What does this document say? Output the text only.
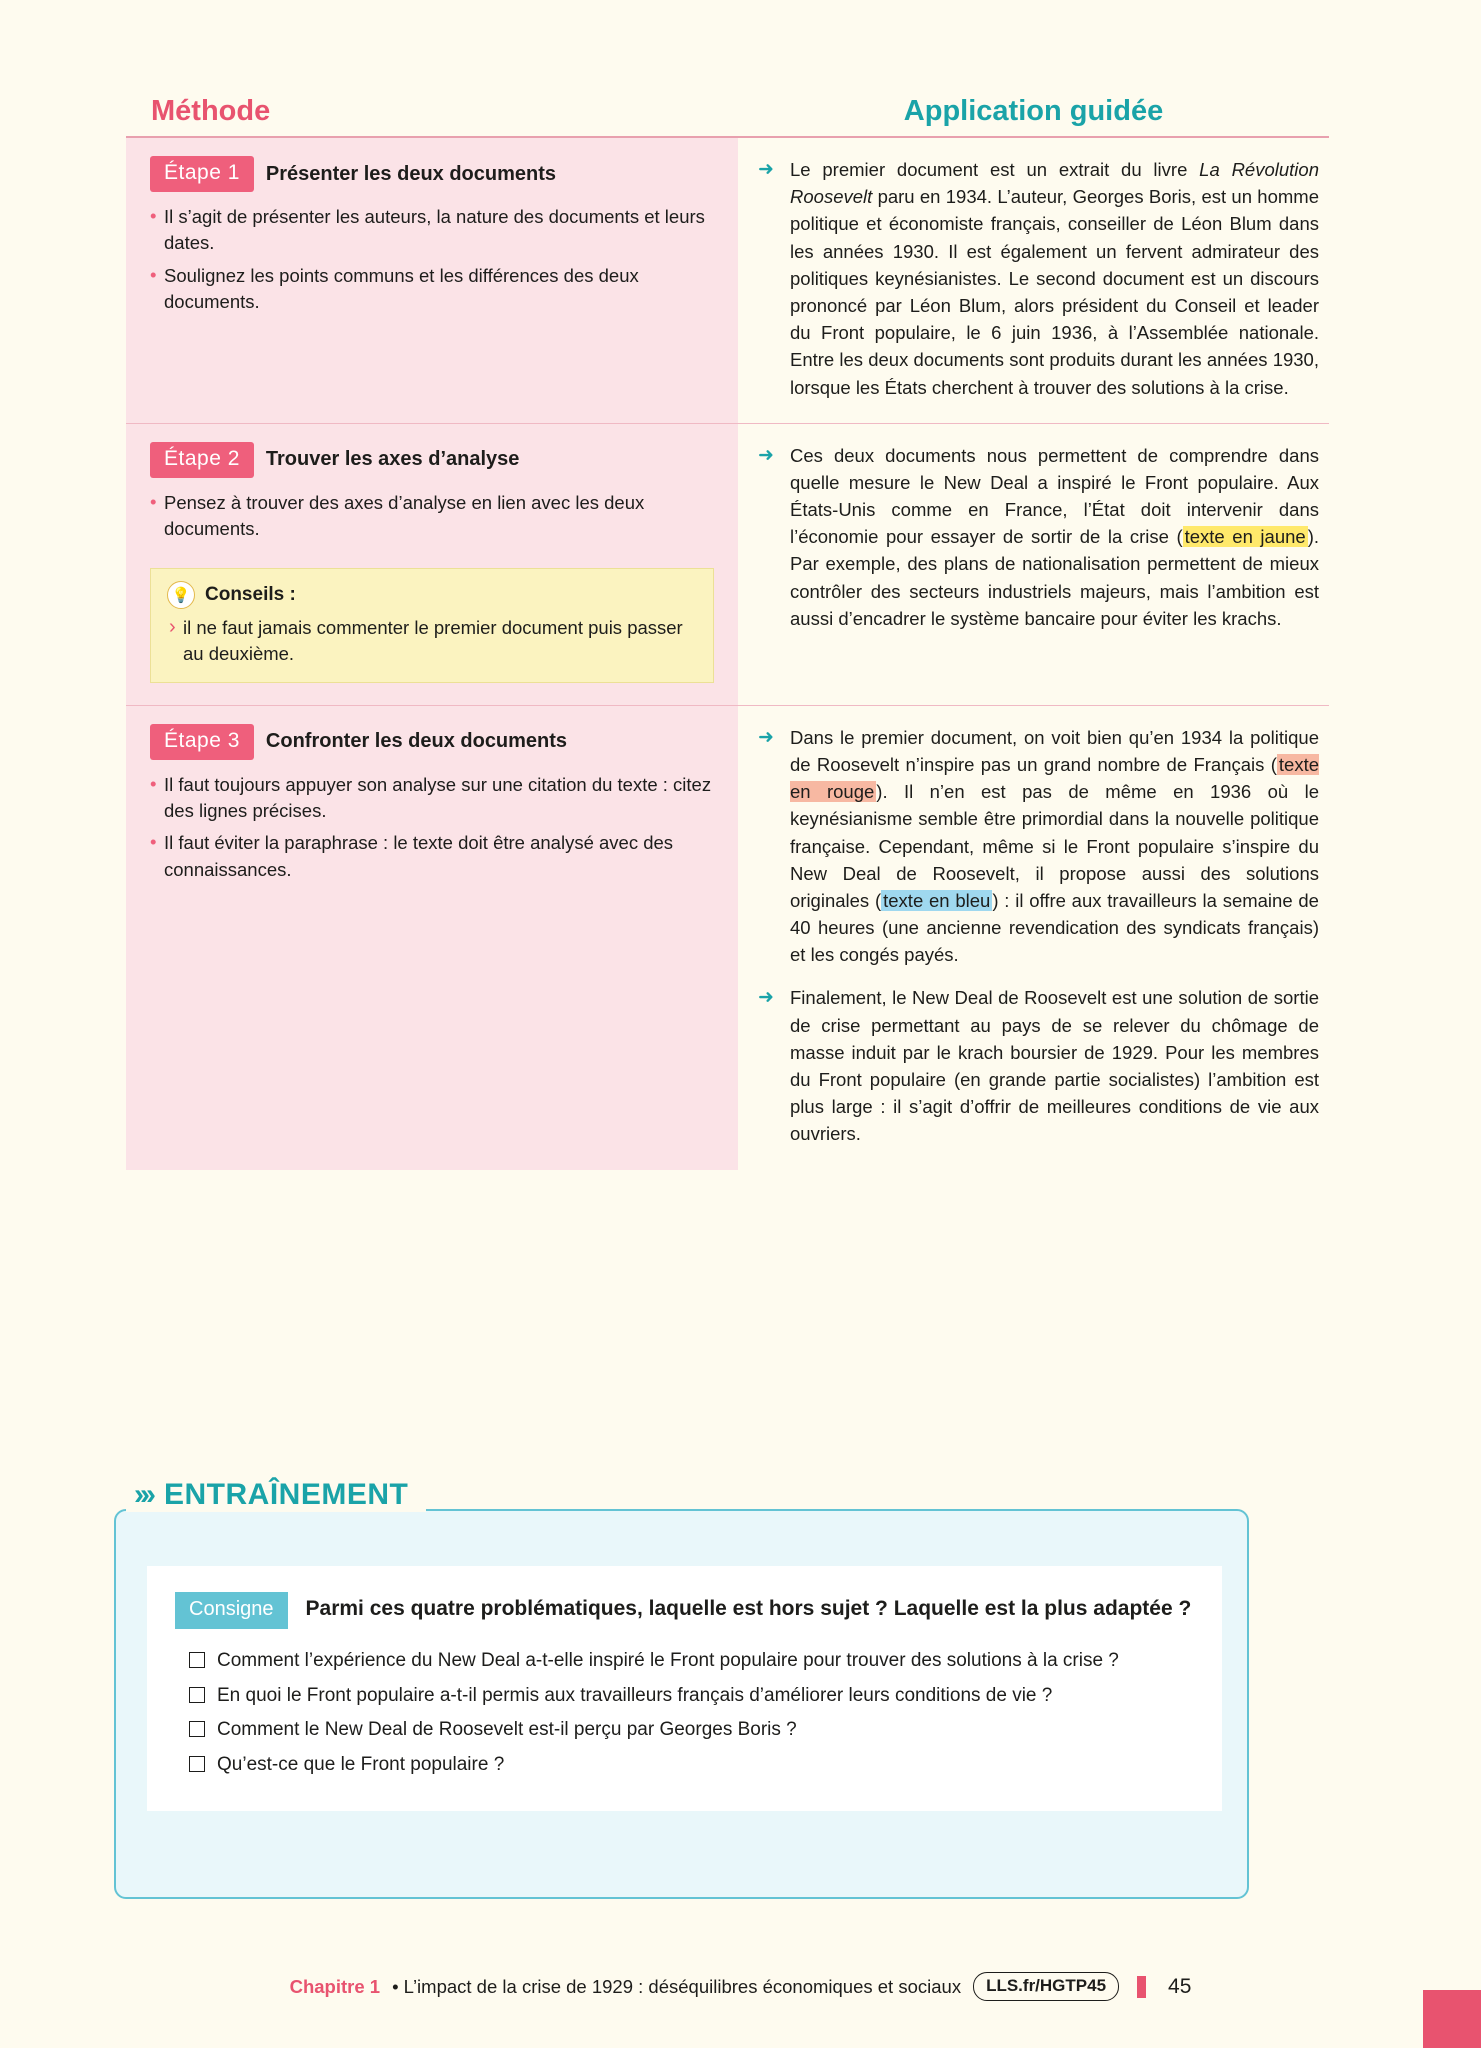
Méthode	Application guidée
Étape 1	Présenter les deux documents
• Il s’agit de présenter les auteurs, la nature des documents et leurs dates.
• Soulignez les points communs et les différences des deux documents.

➜ Le premier document est un extrait du livre La Révolution Roosevelt paru en 1934. L’auteur, Georges Boris, est un homme politique et économiste français, conseiller de Léon Blum dans les années 1930. Il est également un fervent admirateur des politiques keynésianistes. Le second document est un discours prononcé par Léon Blum, alors président du Conseil et leader du Front populaire, le 6 juin 1936, à l’Assemblée nationale. Entre les deux documents sont produits durant les années 1930, lorsque les États cherchent à trouver des solutions à la crise.

Étape 2	Trouver les axes d’analyse
• Pensez à trouver des axes d’analyse en lien avec les deux documents.
💡 Conseils :
› il ne faut jamais commenter le premier document puis passer au deuxième.

➜ Ces deux documents nous permettent de comprendre dans quelle mesure le New Deal a inspiré le Front populaire. Aux États-Unis comme en France, l’État doit intervenir dans l’économie pour essayer de sortir de la crise ( texte en jaune ). Par exemple, des plans de nationalisation permettent de mieux contrôler des secteurs industriels majeurs, mais l’ambition est aussi d’encadrer le système bancaire pour éviter les krachs.

Étape 3	Confronter les deux documents
• Il faut toujours appuyer son analyse sur une citation du texte : citez des lignes précises.
• Il faut éviter la paraphrase : le texte doit être analysé avec des connaissances.

➜ Dans le premier document, on voit bien qu’en 1934 la politique de Roosevelt n’inspire pas un grand nombre de Français ( texte en rouge ). Il n’en est pas de même en 1936 où le keynésianisme semble être primordial dans la nouvelle politique française. Cependant, même si le Front populaire s’inspire du New Deal de Roosevelt, il propose aussi des solutions originales ( texte en bleu ) : il offre aux travailleurs la semaine de 40 heures (une ancienne revendication des syndicats français) et les congés payés.

➜ Finalement, le New Deal de Roosevelt est une solution de sortie de crise permettant au pays de se relever du chômage de masse induit par le krach boursier de 1929. Pour les membres du Front populaire (en grande partie socialistes) l’ambition est plus large : il s’agit d’offrir de meilleures conditions de vie aux ouvriers.

››› ENTRAÎNEMENT
Consigne	Parmi ces quatre problématiques, laquelle est hors sujet ? Laquelle est la plus adaptée ?
Comment l’expérience du New Deal a-t-elle inspiré le Front populaire pour trouver des solutions à la crise ?
En quoi le Front populaire a-t-il permis aux travailleurs français d’améliorer leurs conditions de vie ?
Comment le New Deal de Roosevelt est-il perçu par Georges Boris ?
Qu’est-ce que le Front populaire ?
Chapitre 1 • L’impact de la crise de 1929 : déséquilibres économiques et sociaux	LLS.fr/HGTP45	45
